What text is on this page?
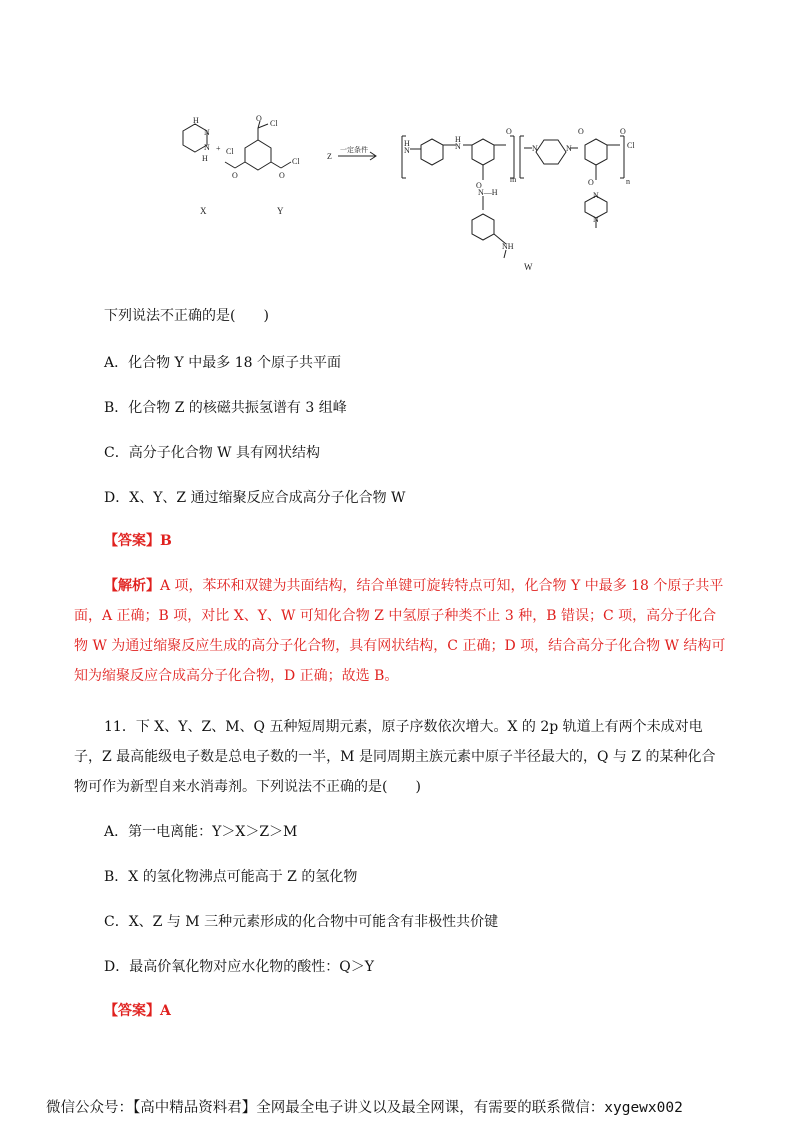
H
N
N
H
+
O
Cl
Cl
O
Cl
O
一定条件
Z
H
N
H
N
O
O
N—H
NH
m
N	N
O	O
Cl
O
N
N
n
X	Y
W
下列说法不正确的是(　　)
A．化合物 Y 中最多 18 个原子共平面
B．化合物 Z 的核磁共振氢谱有 3 组峰
C．高分子化合物 W 具有网状结构
D．X、Y、Z 通过缩聚反应合成高分子化合物 W
【答案】B
【解析】A 项，苯环和双键为共面结构，结合单键可旋转特点可知，化合物 Y 中最多 18 个原子共平面，A 正确；B 项，对比 X、Y、W 可知化合物 Z 中氢原子种类不止 3 种，B 错误；C 项，高分子化合物 W 为通过缩聚反应生成的高分子化合物，具有网状结构，C 正确；D 项，结合高分子化合物 W 结构可知为缩聚反应合成高分子化合物，D 正确；故选 B。
11．下 X、Y、Z、M、Q 五种短周期元素，原子序数依次增大。X 的 2p 轨道上有两个未成对电子，Z 最高能级电子数是总电子数的一半，M 是同周期主族元素中原子半径最大的，Q 与 Z 的某种化合物可作为新型自来水消毒剂。下列说法不正确的是(　　)
A．第一电离能：Y＞X＞Z＞M
B．X 的氢化物沸点可能高于 Z 的氢化物
C．X、Z 与 M 三种元素形成的化合物中可能含有非极性共价键
D．最高价氧化物对应水化物的酸性：Q＞Y
【答案】A
微信公众号：【高中精品资料君】全网最全电子讲义以及最全网课，有需要的联系微信：xygewx002
